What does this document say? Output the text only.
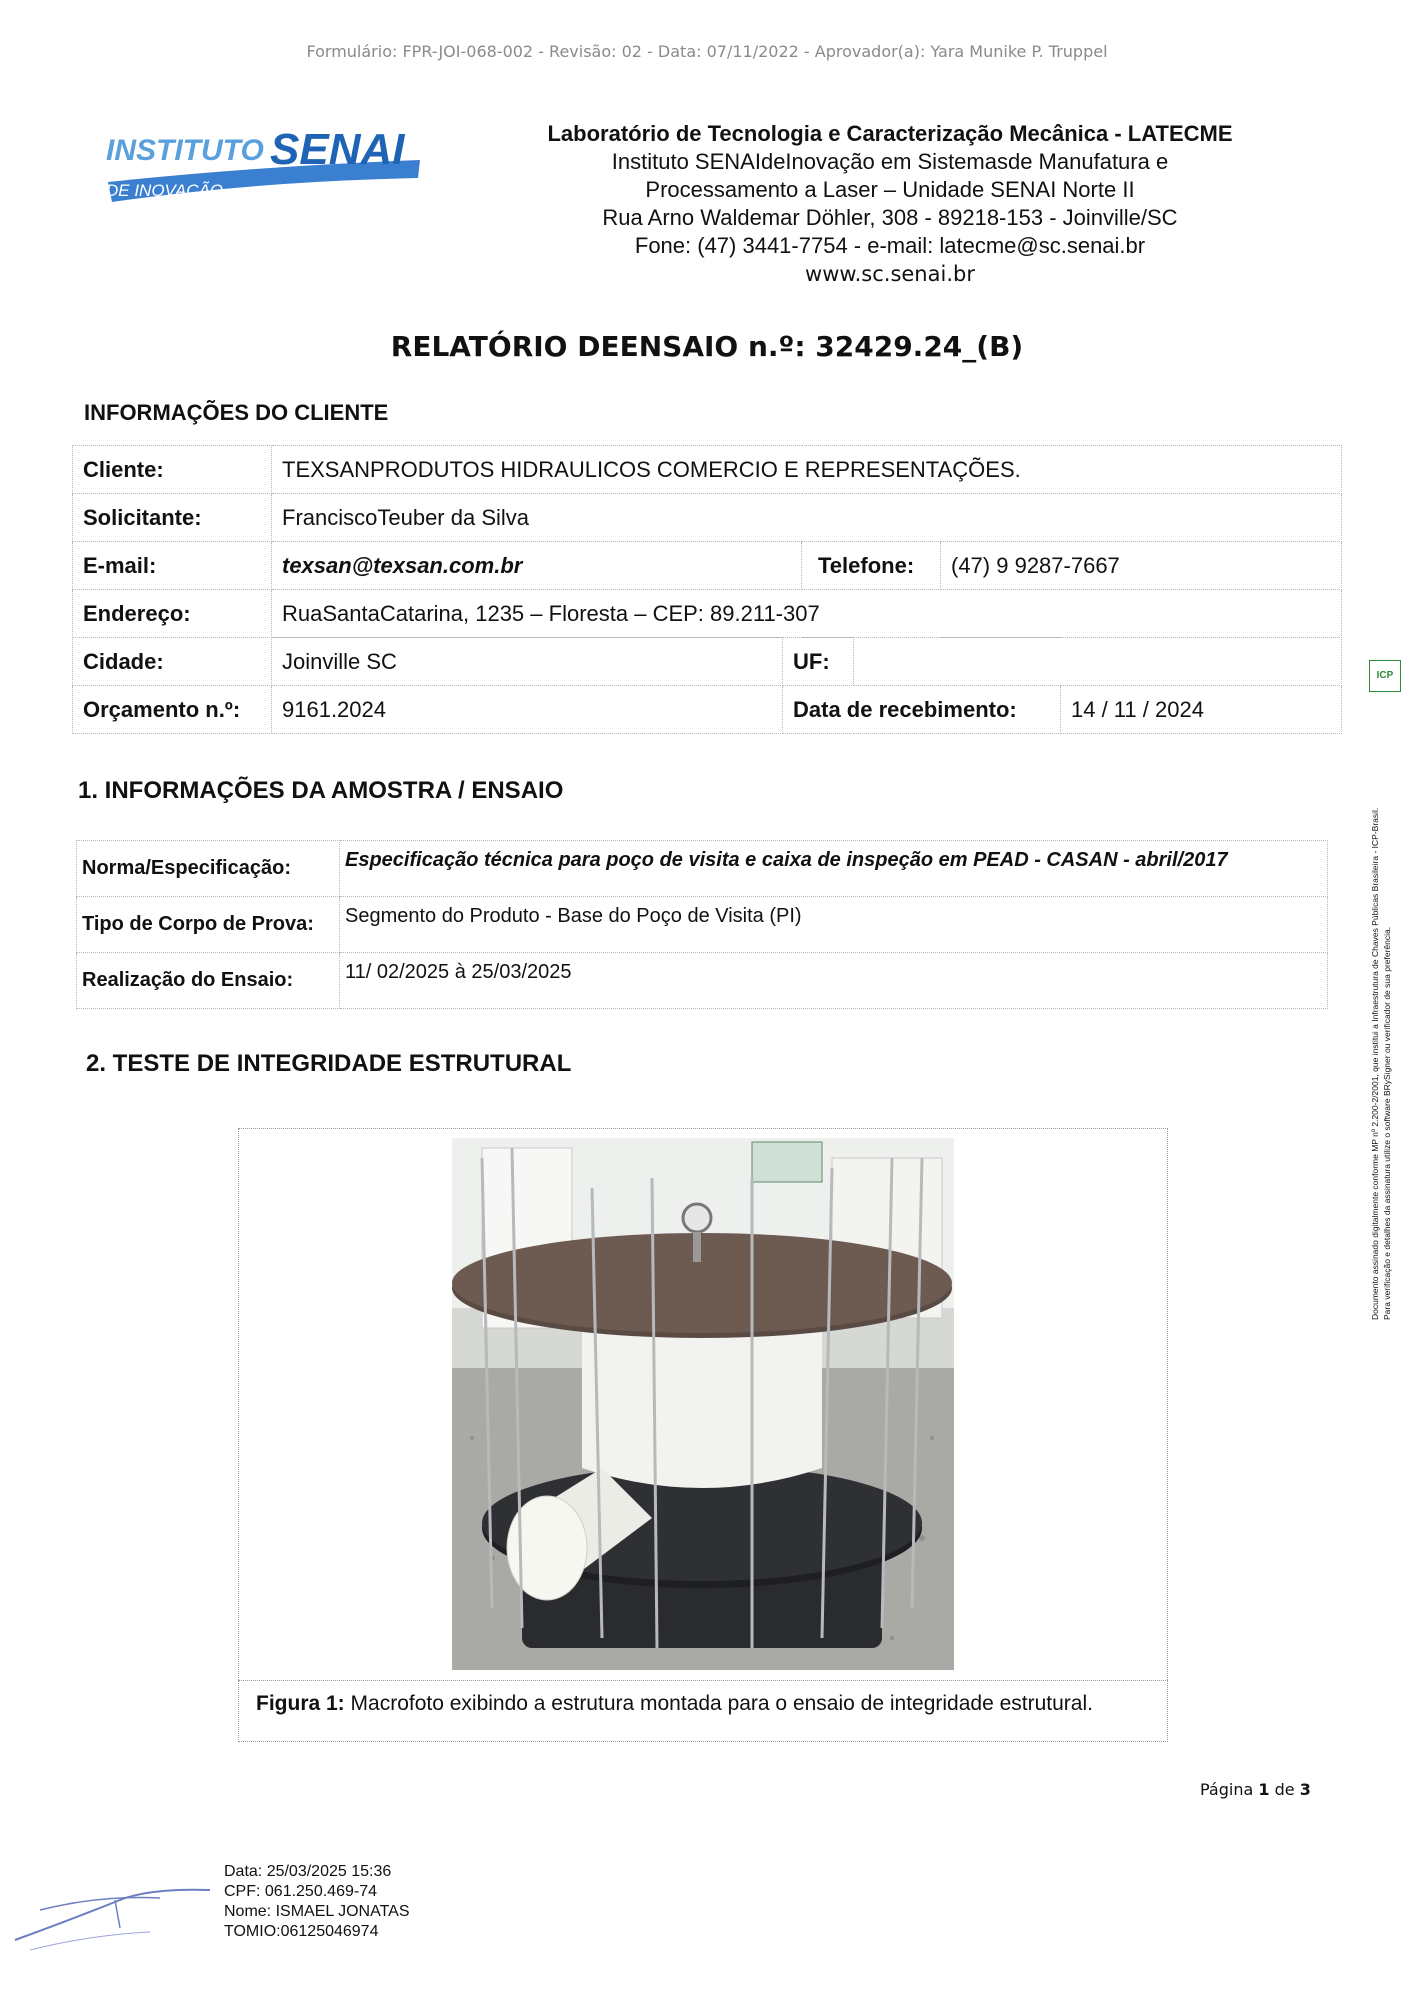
Formulário: FPR-JOI-068-002 - Revisão: 02 - Data: 07/11/2022 - Aprovador(a): Yara Munike P. Truppel
INSTITUTO SENAI
DE INOVAÇÃO
Laboratório de Tecnologia e Caracterização Mecânica - LATECME
Instituto SENAIdeInovação em Sistemasde Manufatura e
Processamento a Laser – Unidade SENAI Norte II
Rua Arno Waldemar Döhler, 308 - 89218-153 - Joinville/SC
Fone: (47) 3441-7754 - e-mail: latecme@sc.senai.br
www.sc.senai.br
RELATÓRIO DEENSAIO n.º: 32429.24_(B)
INFORMAÇÕES DO CLIENTE
Cliente:	TEXSANPRODUTOS HIDRAULICOS COMERCIO E REPRESENTAÇÕES.		
Solicitante:	FranciscoTeuber da Silva		
E-mail:	texsan@texsan.com.br	Telefone:	(47) 9 9287-7667
Endereço:	RuaSantaCatarina, 1235 – Floresta – CEP: 89.211-307		
Cidade:	Joinville SC	UF:		
Orçamento n.º:	9161.2024	Data de recebimento:		14 / 11 / 2024
1. INFORMAÇÕES DA AMOSTRA / ENSAIO
Norma/Especificação:	Especificação técnica para poço de visita e caixa de inspeção em PEAD - CASAN - abril/2017
Tipo de Corpo de Prova:	Segmento do Produto - Base do Poço de Visita (PI)
Realização do Ensaio:	11/ 02/2025 à 25/03/2025
2. TESTE DE INTEGRIDADE ESTRUTURAL
Figura 1: Macrofoto exibindo a estrutura montada para o ensaio de integridade estrutural.
Página 1 de 3
Data: 25/03/2025 15:36
CPF: 061.250.469-74
Nome: ISMAEL JONATAS
TOMIO:06125046974
Documento assinado digitalmente conforme MP nº 2.200-2/2001, que institui a Infraestrutura de Chaves Públicas Brasileira - ICP-Brasil. Para verificação e detalhes da assinatura utilize o software BRySigner ou verificador de sua preferência.
ICP
